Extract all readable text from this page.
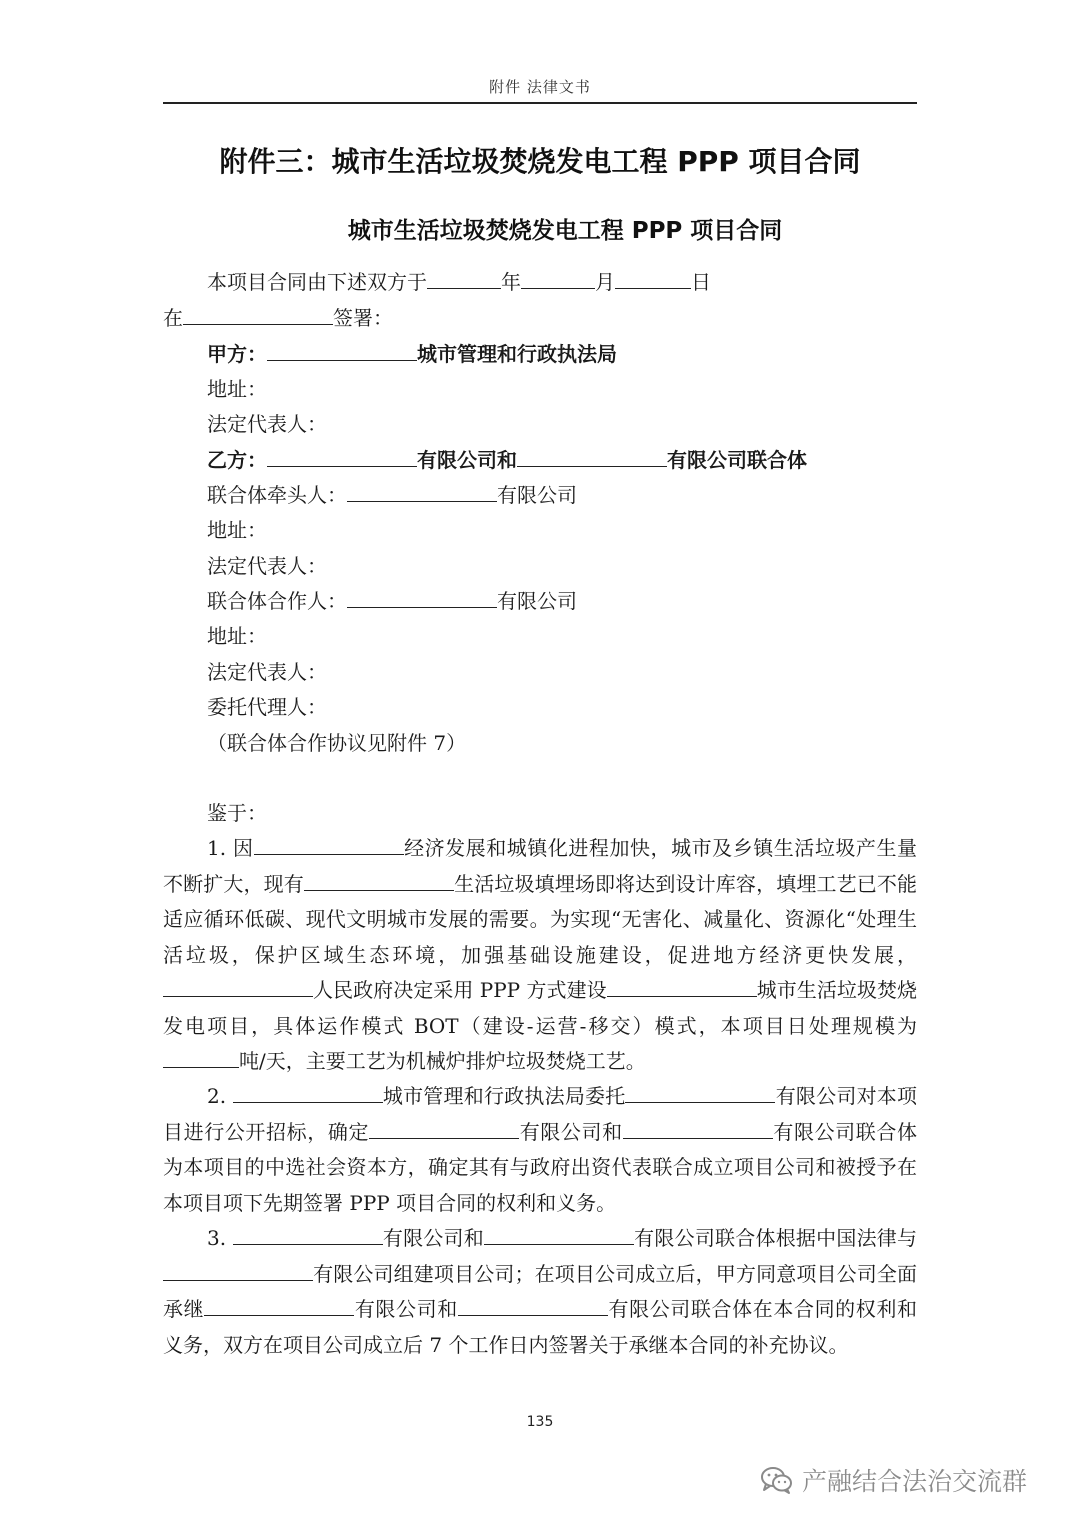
附件 法律文书
附件三：城市生活垃圾焚烧发电工程 PPP 项目合同
城市生活垃圾焚烧发电工程 PPP 项目合同
本项目合同由下述双方于	年	月	日
在	签署：
甲方：	城市管理和行政执法局
地址：
法定代表人：
乙方：	有限公司和	有限公司联合体
联合体牵头人：	有限公司
地址：
法定代表人：
联合体合作人：	有限公司
地址：
法定代表人：
委托代理人：
（联合体合作协议见附件 7）
鉴于：
1. 因	经济发展和城镇化进程加快，城市及乡镇生活垃圾产生量不断扩大，现有	生活垃圾填埋场即将达到设计库容，填埋工艺已不能适应循环低碳、现代文明城市发展的需要。为实现“无害化、减量化、资源化“处理生活垃圾，保护区域生态环境，加强基础设施建设，促进地方经济更快发展，人民政府决定采用 PPP 方式建设	城市生活垃圾焚烧发电项目，具体运作模式 BOT（建设-运营-移交）模式，本项目日处理规模为吨/天，主要工艺为机械炉排炉垃圾焚烧工艺。
2.	城市管理和行政执法局委托	有限公司对本项目进行公开招标，确定	有限公司和	有限公司联合体为本项目的中选社会资本方，确定其有与政府出资代表联合成立项目公司和被授予在本项目项下先期签署 PPP 项目合同的权利和义务。
3.	有限公司和	有限公司联合体根据中国法律与有限公司组建项目公司；在项目公司成立后，甲方同意项目公司全面承继	有限公司和	有限公司联合体在本合同的权利和义务，双方在项目公司成立后 7 个工作日内签署关于承继本合同的补充协议。
135
产融结合法治交流群
